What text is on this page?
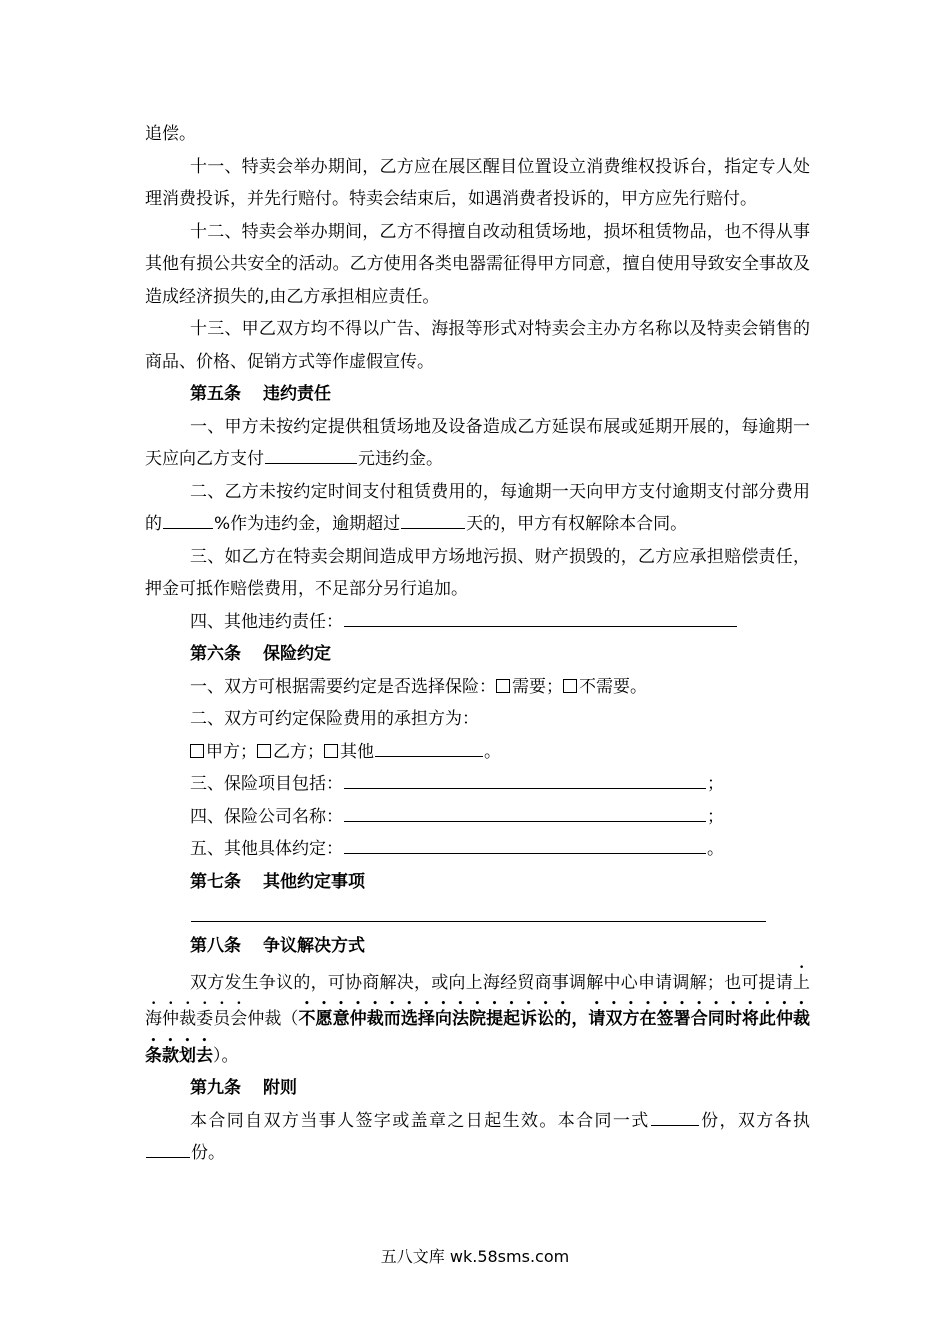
追偿。

十一、特卖会举办期间，乙方应在展区醒目位置设立消费维权投诉台，指定专人处理消费投诉，并先行赔付。特卖会结束后，如遇消费者投诉的，甲方应先行赔付。

十二、特卖会举办期间，乙方不得擅自改动租赁场地，损坏租赁物品，也不得从事其他有损公共安全的活动。乙方使用各类电器需征得甲方同意，擅自使用导致安全事故及造成经济损失的,由乙方承担相应责任。

十三、甲乙双方均不得以广告、海报等形式对特卖会主办方名称以及特卖会销售的商品、价格、促销方式等作虚假宣传。

第五条 违约责任

一、甲方未按约定提供租赁场地及设备造成乙方延误布展或延期开展的，每逾期一天应向乙方支付	元违约金。

二、乙方未按约定时间支付租赁费用的，每逾期一天向甲方支付逾期支付部分费用的	%作为违约金，逾期超过	天的，甲方有权解除本合同。

三、如乙方在特卖会期间造成甲方场地污损、财产损毁的，乙方应承担赔偿责任，押金可抵作赔偿费用，不足部分另行追加。

四、其他违约责任：

第六条 保险约定

一、双方可根据需要约定是否选择保险： 需要； 不需要。

二、双方可约定保险费用的承担方为：

甲方； 乙方； 其他	。

三、保险项目包括：	；

四、保险公司名称：	；

五、其他具体约定：	。

第七条 其他约定事项

第八条 争议解决方式

双方发生争议的，可协商解决，或向上海经贸商事调解中心申请调解；也可提请上海仲裁委员会仲裁（不愿意仲裁而选择向法院提起诉讼的，请双方在签署合同时将此仲裁条款划去）。

第九条 附则

本合同自双方当事人签字或盖章之日起生效。本合同一式	份，双方各执份。

五八文库 wk.58sms.com
